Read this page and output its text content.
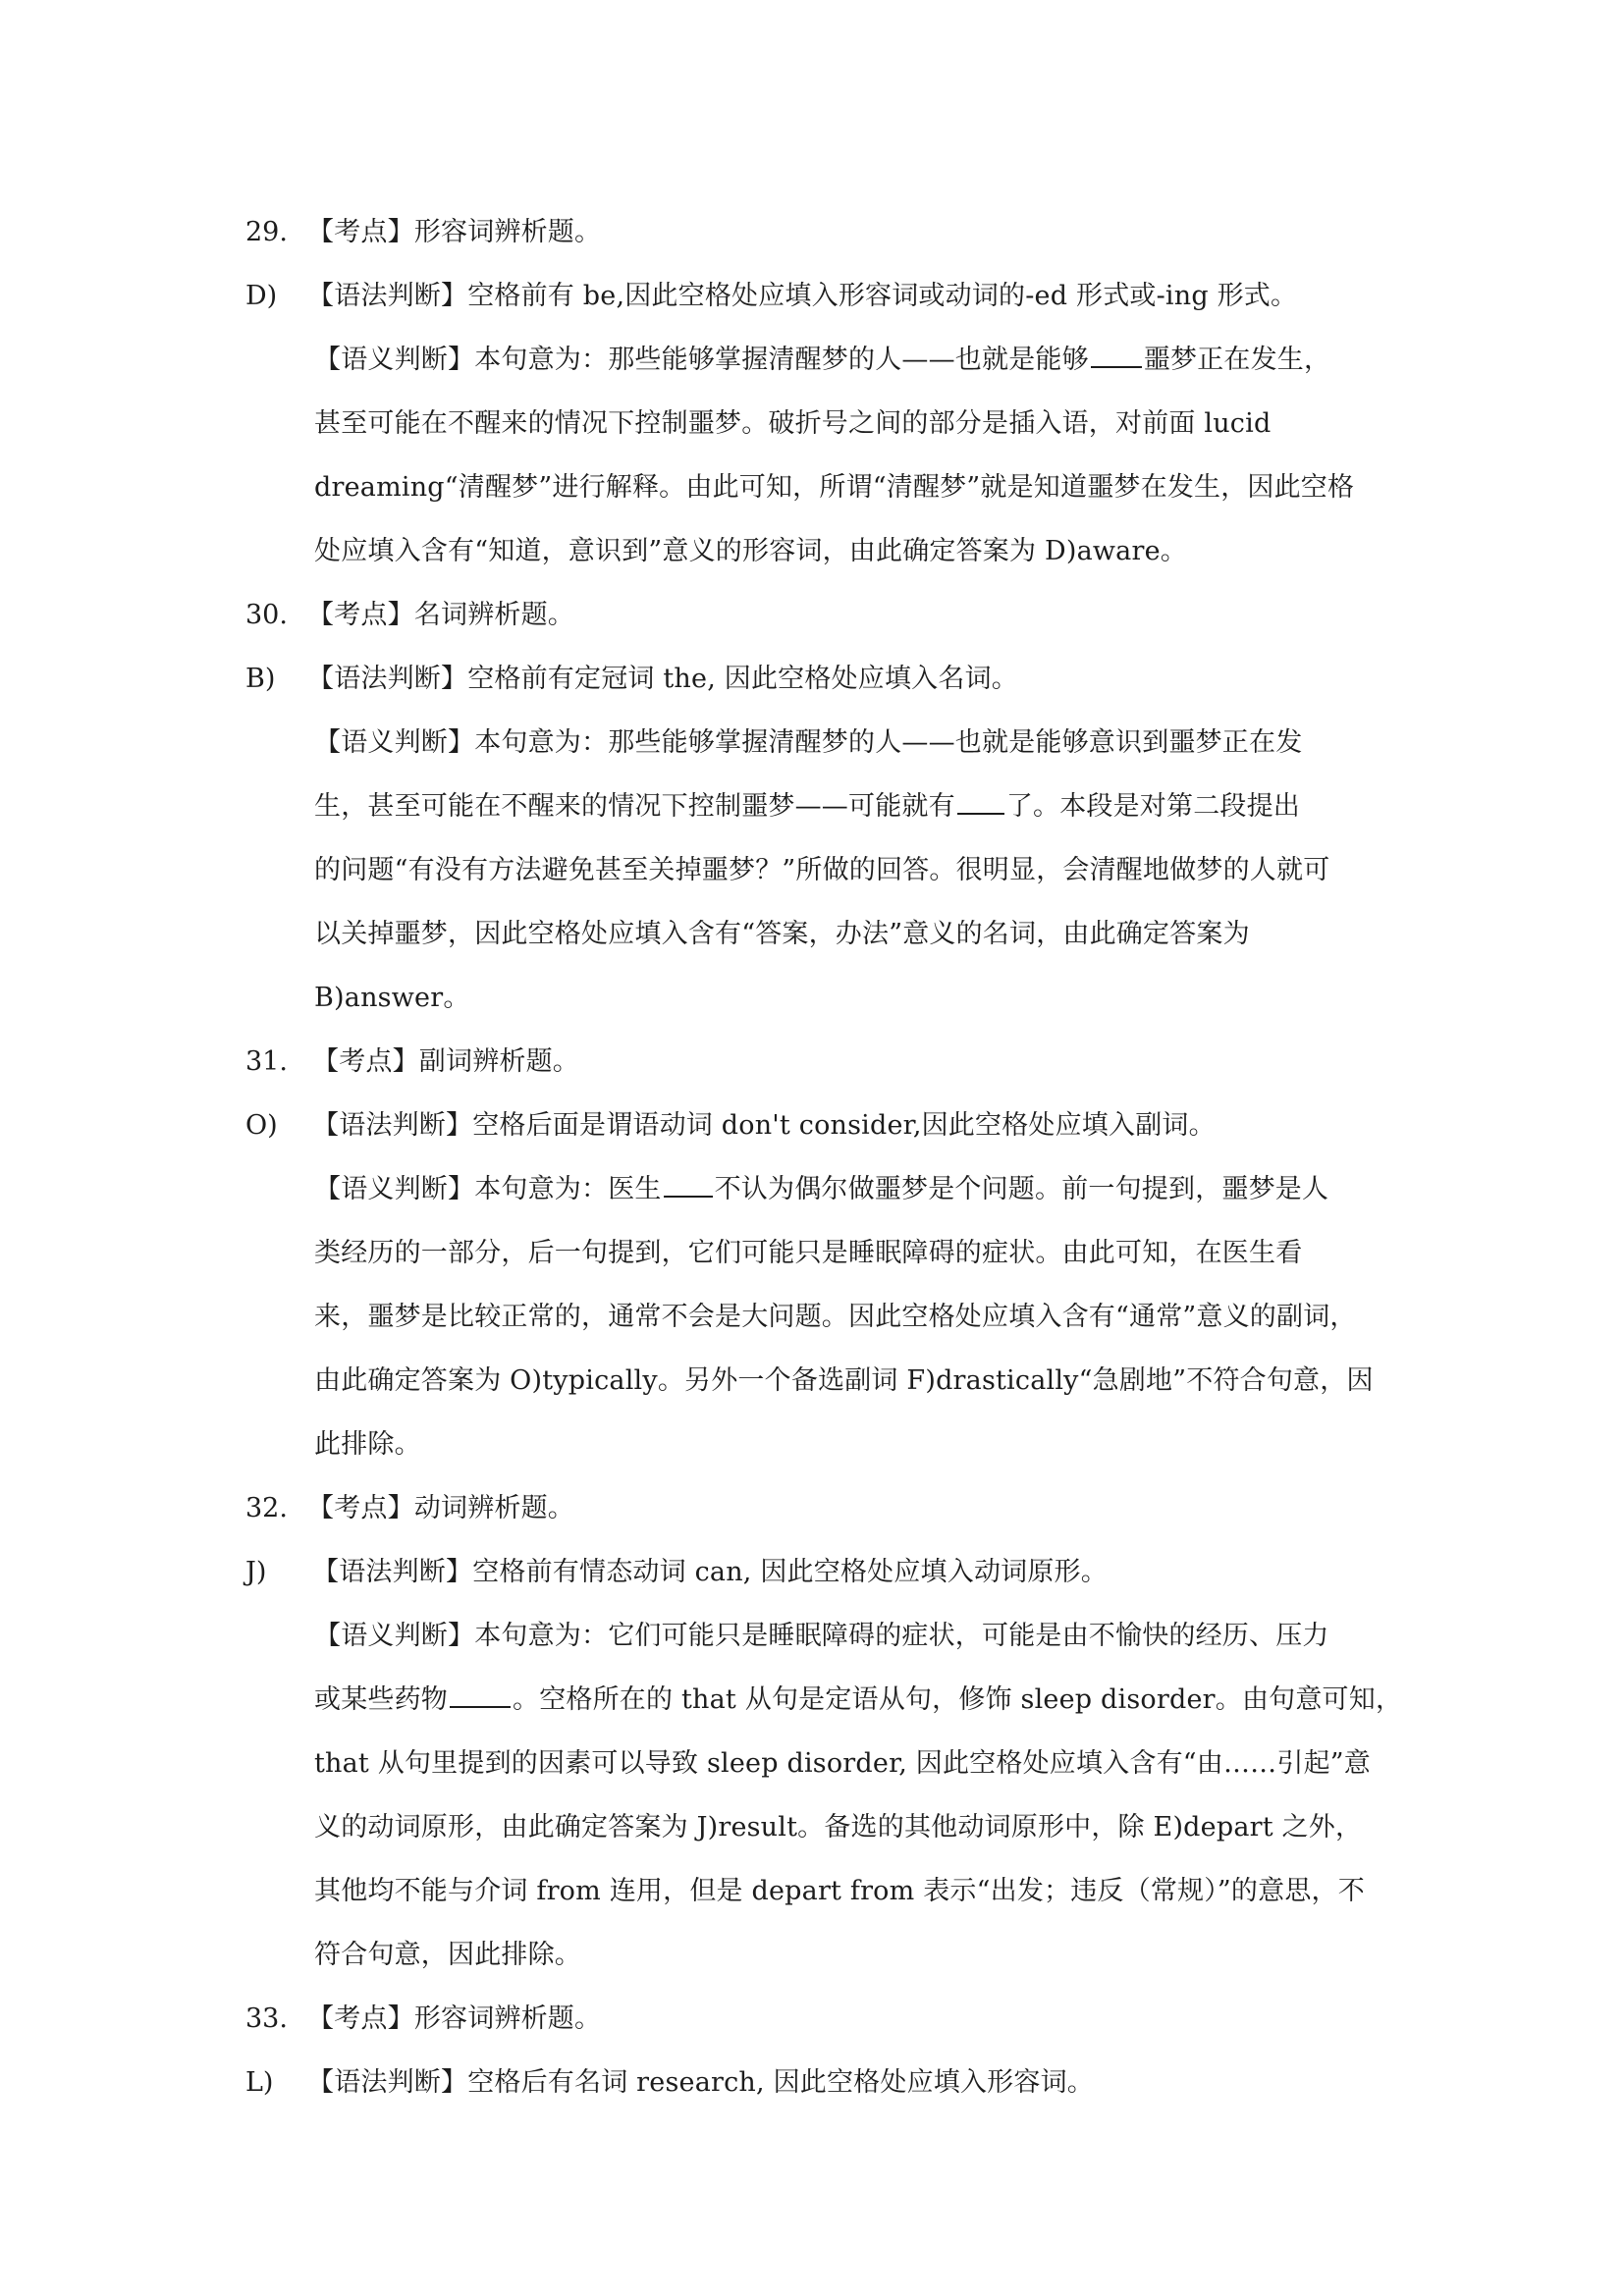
29. 【考点】形容词辨析题。
D) 【语法判断】空格前有 be,因此空格处应填入形容词或动词的-ed 形式或-ing 形式。
【语义判断】本句意为：那些能够掌握清醒梦的人——也就是能够 噩梦正在发生，
甚至可能在不醒来的情况下控制噩梦。破折号之间的部分是插入语，对前面 lucid
dreaming“清醒梦”进行解释。由此可知，所谓“清醒梦”就是知道噩梦在发生，因此空格
处应填入含有“知道，意识到”意义的形容词，由此确定答案为 D)aware。
30. 【考点】名词辨析题。
B) 【语法判断】空格前有定冠词 the, 因此空格处应填入名词。
【语义判断】本句意为：那些能够掌握清醒梦的人——也就是能够意识到噩梦正在发
生，甚至可能在不醒来的情况下控制噩梦——可能就有 了。本段是对第二段提出
的问题“有没有方法避免甚至关掉噩梦？”所做的回答。很明显，会清醒地做梦的人就可
以关掉噩梦，因此空格处应填入含有“答案，办法”意义的名词，由此确定答案为
B)answer。
31. 【考点】副词辨析题。
O) 【语法判断】空格后面是谓语动词 don't consider,因此空格处应填入副词。
【语义判断】本句意为：医生 不认为偶尔做噩梦是个问题。前一句提到，噩梦是人
类经历的一部分，后一句提到，它们可能只是睡眠障碍的症状。由此可知，在医生看
来，噩梦是比较正常的，通常不会是大问题。因此空格处应填入含有“通常”意义的副词，
由此确定答案为 O)typically。另外一个备选副词 F)drastically“急剧地”不符合句意，因
此排除。
32. 【考点】动词辨析题。
J) 【语法判断】空格前有情态动词 can, 因此空格处应填入动词原形。
【语义判断】本句意为：它们可能只是睡眠障碍的症状，可能是由不愉快的经历、压力
或某些药物 。空格所在的 that 从句是定语从句，修饰 sleep disorder。由句意可知，
that 从句里提到的因素可以导致 sleep disorder, 因此空格处应填入含有“由……引起”意
义的动词原形，由此确定答案为 J)result。备选的其他动词原形中，除 E)depart 之外，
其他均不能与介词 from 连用，但是 depart from 表示“出发；违反（常规）”的意思，不
符合句意，因此排除。
33. 【考点】形容词辨析题。
L) 【语法判断】空格后有名词 research, 因此空格处应填入形容词。
